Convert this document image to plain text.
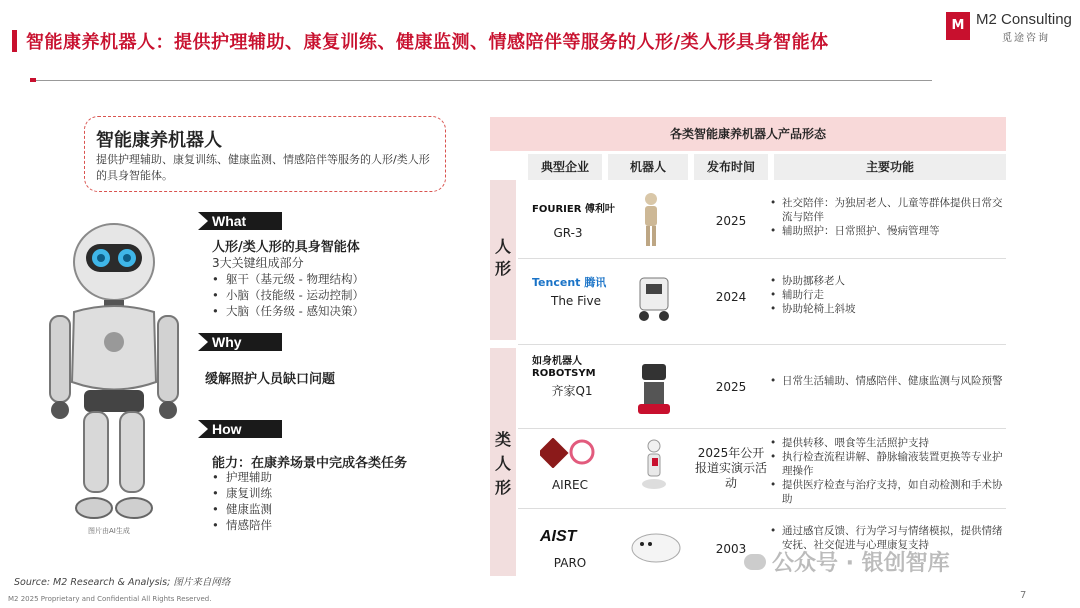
智能康养机器人：提供护理辅助、康复训练、健康监测、情感陪伴等服务的人形/类人形具身智能体
M M2 Consulting
觅途咨询
智能康养机器人
提供护理辅助、康复训练、健康监测、情感陪伴等服务的人形/类人形的具身智能体。
图片由AI生成
What
人形/类人形的具身智能体
3大关键组成部分
• 躯干（基元级 - 物理结构）
• 小脑（技能级 - 运动控制）
• 大脑（任务级 - 感知决策）
Why
缓解照护人员缺口问题
How
能力：在康养场景中完成各类任务
• 护理辅助
• 康复训练
• 健康监测
• 情感陪伴
各类智能康养机器人产品形态
典型企业	机器人	发布时间	主要功能
人形
类人形
FOURIER 傅利叶
GR-3
2025
• 社交陪伴：为独居老人、儿童等群体提供日常交流与陪伴
• 辅助照护：日常照护、慢病管理等
Tencent 腾讯
The Five	2024
• 协助挪移老人
• 辅助行走
• 协助轮椅上斜坡
如身机器人 ROBOTSYM
齐家Q1	2025
•	日常生活辅助、情感陪伴、健康监测与风险预警
AIREC
2025年公开报道实演示活动
• 提供转移、喂食等生活照护支持
• 执行检查流程讲解、静脉输液装置更换等专业护理操作
• 提供医疗检查与治疗支持，如自动检测和手术协助
AIST
PARO
2003
• 通过感官反馈、行为学习与情绪模拟，提供情绪安抚、社交促进与心理康复支持
公众号 · 银创智库
Source: M2 Research & Analysis; 图片来自网络
M2 2025 Proprietary and Confidential All Rights Reserved.	7
